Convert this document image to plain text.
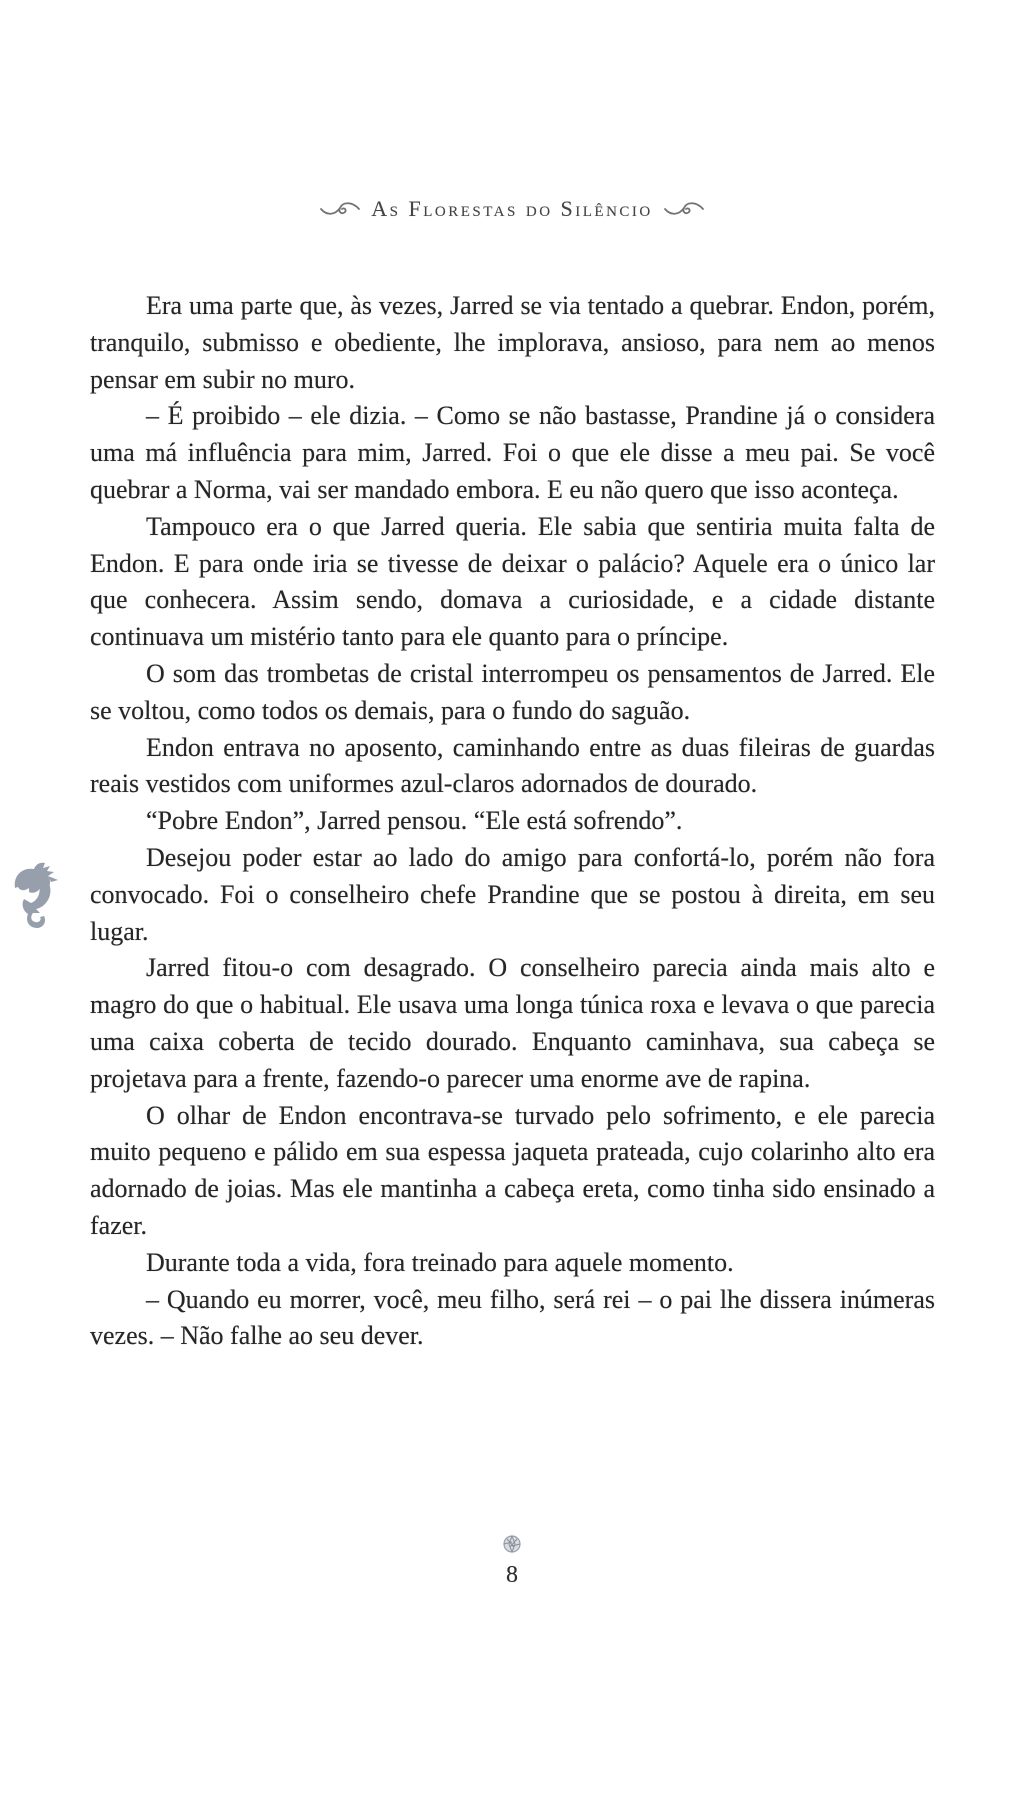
As Florestas do Silêncio

Era uma parte que, às vezes, Jarred se via tentado a quebrar. Endon, porém, tranquilo, submisso e obediente, lhe implorava, ansioso, para nem ao menos pensar em subir no muro.

– É proibido – ele dizia. – Como se não bastasse, Prandine já o considera uma má influência para mim, Jarred. Foi o que ele disse a meu pai. Se você quebrar a Norma, vai ser mandado embora. E eu não quero que isso aconteça.

Tampouco era o que Jarred queria. Ele sabia que sentiria muita falta de Endon. E para onde iria se tivesse de deixar o palácio? Aquele era o único lar que conhecera. Assim sendo, domava a curiosidade, e a cidade distante continuava um mistério tanto para ele quanto para o príncipe.

O som das trombetas de cristal interrompeu os pensamentos de Jarred. Ele se voltou, como todos os demais, para o fundo do saguão.

Endon entrava no aposento, caminhando entre as duas fileiras de guardas reais vestidos com uniformes azul-claros adornados de dourado.

“Pobre Endon”, Jarred pensou. “Ele está sofrendo”.

Desejou poder estar ao lado do amigo para confortá-lo, porém não fora convocado. Foi o conselheiro chefe Prandine que se postou à direita, em seu lugar.

Jarred fitou-o com desagrado. O conselheiro parecia ainda mais alto e magro do que o habitual. Ele usava uma longa túnica roxa e levava o que parecia uma caixa coberta de tecido dourado. Enquanto caminhava, sua cabeça se projetava para a frente, fazendo-o parecer uma enorme ave de rapina.

O olhar de Endon encontrava-se turvado pelo sofrimento, e ele parecia muito pequeno e pálido em sua espessa jaqueta prateada, cujo colarinho alto era adornado de joias. Mas ele mantinha a cabeça ereta, como tinha sido ensinado a fazer.

Durante toda a vida, fora treinado para aquele momento.

– Quando eu morrer, você, meu filho, será rei – o pai lhe dissera inúmeras vezes. – Não falhe ao seu dever.

8
